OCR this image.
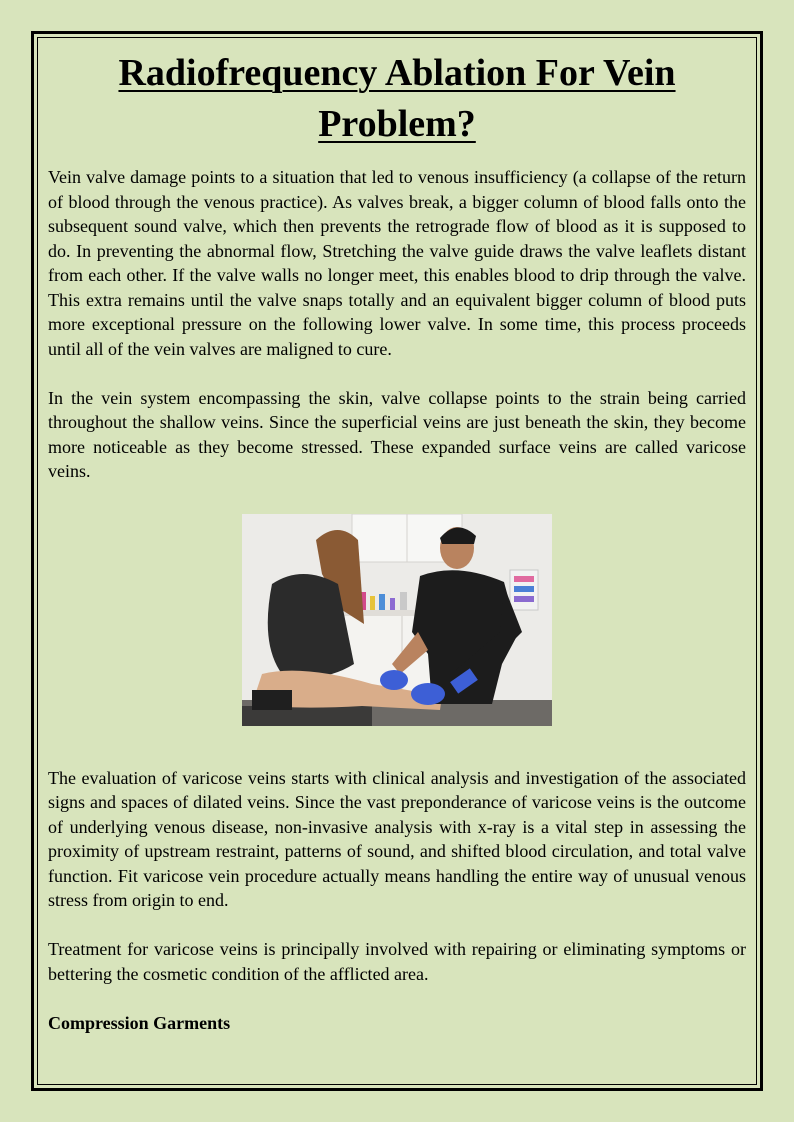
Radiofrequency Ablation For Vein Problem?

Vein valve damage points to a situation that led to venous insufficiency (a collapse of the return of blood through the venous practice). As valves break, a bigger column of blood falls onto the subsequent sound valve, which then prevents the retrograde flow of blood as it is supposed to do. In preventing the abnormal flow, Stretching the valve guide draws the valve leaflets distant from each other. If the valve walls no longer meet, this enables blood to drip through the valve. This extra remains until the valve snaps totally and an equivalent bigger column of blood puts more exceptional pressure on the following lower valve. In some time, this process proceeds until all of the vein valves are maligned to cure.

In the vein system encompassing the skin, valve collapse points to the strain being carried throughout the shallow veins. Since the superficial veins are just beneath the skin, they become more noticeable as they become stressed. These expanded surface veins are called varicose veins.

The evaluation of varicose veins starts with clinical analysis and investigation of the associated signs and spaces of dilated veins. Since the vast preponderance of varicose veins is the outcome of underlying venous disease, non-invasive analysis with x-ray is a vital step in assessing the proximity of upstream restraint, patterns of sound, and shifted blood circulation, and total valve function. Fit varicose vein procedure actually means handling the entire way of unusual venous stress from origin to end.

Treatment for varicose veins is principally involved with repairing or eliminating symptoms or bettering the cosmetic condition of the afflicted area.

Compression Garments
